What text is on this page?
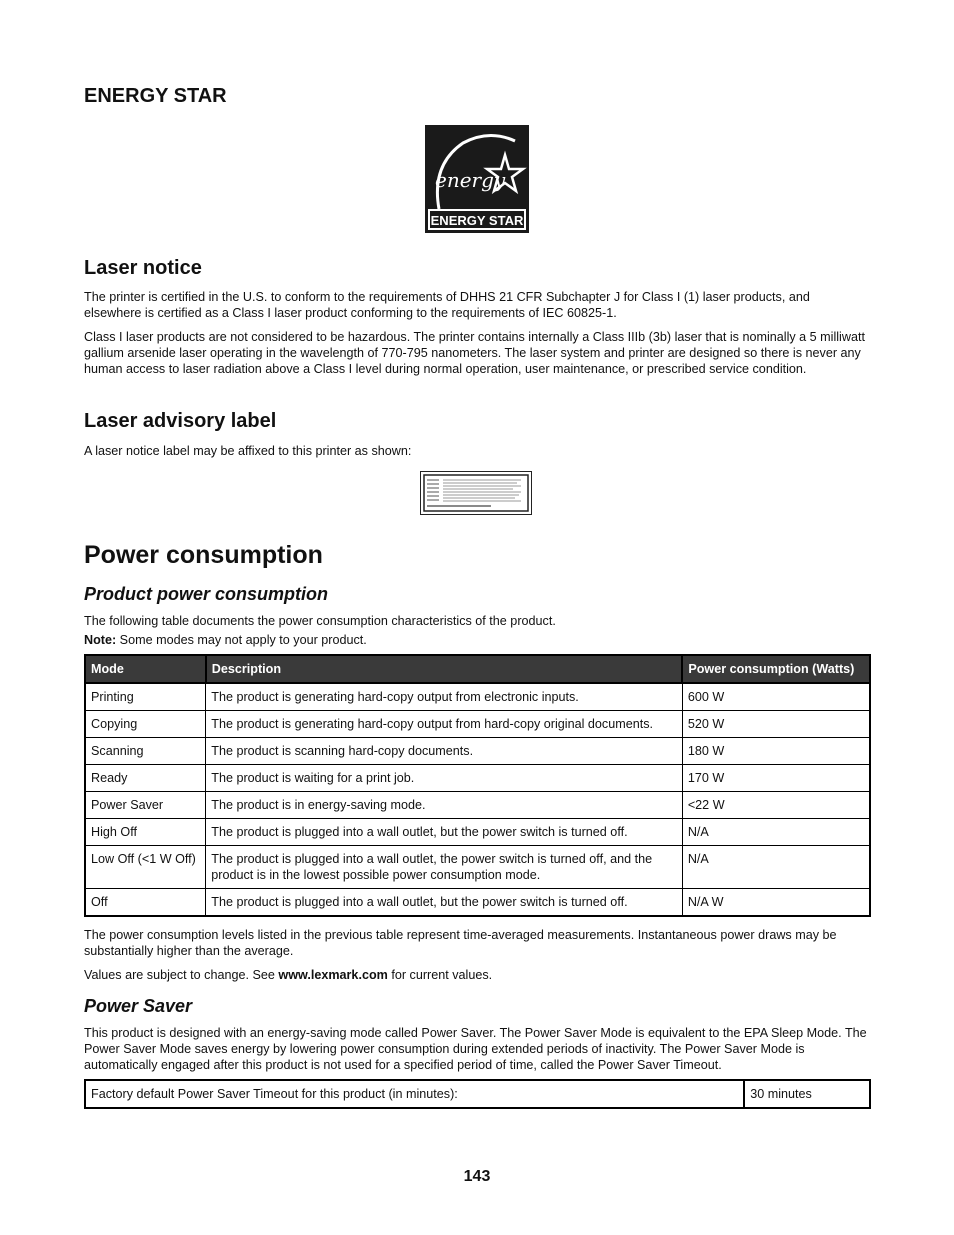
ENERGY STAR
energy
ENERGY STAR
Laser notice

The printer is certified in the U.S. to conform to the requirements of DHHS 21 CFR Subchapter J for Class I (1) laser products, and elsewhere is certified as a Class I laser product conforming to the requirements of IEC 60825-1.

Class I laser products are not considered to be hazardous. The printer contains internally a Class IIIb (3b) laser that is nominally a 5 milliwatt gallium arsenide laser operating in the wavelength of 770-795 nanometers. The laser system and printer are designed so there is never any human access to laser radiation above a Class I level during normal operation, user maintenance, or prescribed service condition.

Laser advisory label

A laser notice label may be affixed to this printer as shown:

Power consumption
Product power consumption

The following table documents the power consumption characteristics of the product.

Note: Some modes may not apply to your product.

Mode	Description	Power consumption (Watts)
Printing	The product is generating hard-copy output from electronic inputs.	600 W
Copying	The product is generating hard-copy output from hard-copy original documents.	520 W
Scanning	The product is scanning hard-copy documents.	180 W
Ready	The product is waiting for a print job.	170 W
Power Saver	The product is in energy-saving mode.	<22 W
High Off	The product is plugged into a wall outlet, but the power switch is turned off.	N/A
Low Off (<1 W Off)	The product is plugged into a wall outlet, the power switch is turned off, and the product is in the lowest possible power consumption mode.	N/A
Off	The product is plugged into a wall outlet, but the power switch is turned off.	N/A W

The power consumption levels listed in the previous table represent time-averaged measurements. Instantaneous power draws may be substantially higher than the average.

Values are subject to change. See www.lexmark.com for current values.

Power Saver

This product is designed with an energy-saving mode called Power Saver. The Power Saver Mode is equivalent to the EPA Sleep Mode. The Power Saver Mode saves energy by lowering power consumption during extended periods of inactivity. The Power Saver Mode is automatically engaged after this product is not used for a specified period of time, called the Power Saver Timeout.

Factory default Power Saver Timeout for this product (in minutes):	30 minutes
143
